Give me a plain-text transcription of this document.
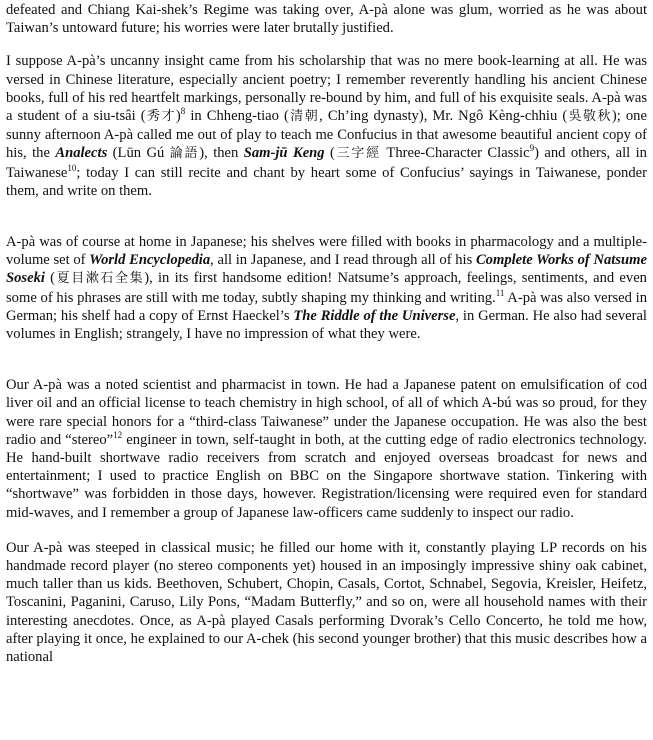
defeated and Chiang Kai-shek’s Regime was taking over, A-pà alone was glum, worried as he was about Taiwan’s untoward future; his worries were later brutally justified.

I suppose A-pà’s uncanny insight came from his scholarship that was no mere book-learning at all. He was versed in Chinese literature, especially ancient poetry; I remember reverently handling his ancient Chinese books, full of his red heartfelt markings, personally re-bound by him, and full of his exquisite seals. A-pà was a student of a siu-tsâi (秀才)$^8$ in Chheng-tiao (清朝, Ch’ing dynasty), Mr. Ngô Kèng-chhiu (吳敬秋); one sunny afternoon A-pà called me out of play to teach me Confucius in that awesome beautiful ancient copy of his, the Analects (Lūn Gú 論語), then Sam-jū Keng (三字經 Three-Character Classic$^9$) and others, all in Taiwanese$^{10}$; today I can still recite and chant by heart some of Confucius’ sayings in Taiwanese, ponder them, and write on them.

A-pà was of course at home in Japanese; his shelves were filled with books in pharmacology and a multiple-volume set of World Encyclopedia, all in Japanese, and I read through all of his Complete Works of Natsume Soseki (夏目漱石全集), in its first handsome edition! Natsume’s approach, feelings, sentiments, and even some of his phrases are still with me today, subtly shaping my thinking and writing.$^{11}$ A-pà was also versed in German; his shelf had a copy of Ernst Haeckel’s The Riddle of the Universe, in German. He also had several volumes in English; strangely, I have no impression of what they were.

Our A-pà was a noted scientist and pharmacist in town. He had a Japanese patent on emulsification of cod liver oil and an official license to teach chemistry in high school, of all of which A-bú was so proud, for they were rare special honors for a “third-class Taiwanese” under the Japanese occupation. He was also the best radio and “stereo”$^{12}$ engineer in town, self-taught in both, at the cutting edge of radio electronics technology. He hand-built shortwave radio receivers from scratch and enjoyed overseas broadcast for news and entertainment; I used to practice English on BBC on the Singapore shortwave station. Tinkering with “shortwave” was forbidden in those days, however. Registration/licensing were required even for standard mid-waves, and I remember a group of Japanese law-officers came suddenly to inspect our radio.

Our A-pà was steeped in classical music; he filled our home with it, constantly playing LP records on his handmade record player (no stereo components yet) housed in an imposingly impressive shiny oak cabinet, much taller than us kids. Beethoven, Schubert, Chopin, Casals, Cortot, Schnabel, Segovia, Kreisler, Heifetz, Toscanini, Paganini, Caruso, Lily Pons, “Madam Butterfly,” and so on, were all household names with their interesting anecdotes. Once, as A-pà played Casals performing Dvorak’s Cello Concerto, he told me how, after playing it once, he explained to our A-chek (his second younger brother) that this music describes how a national
